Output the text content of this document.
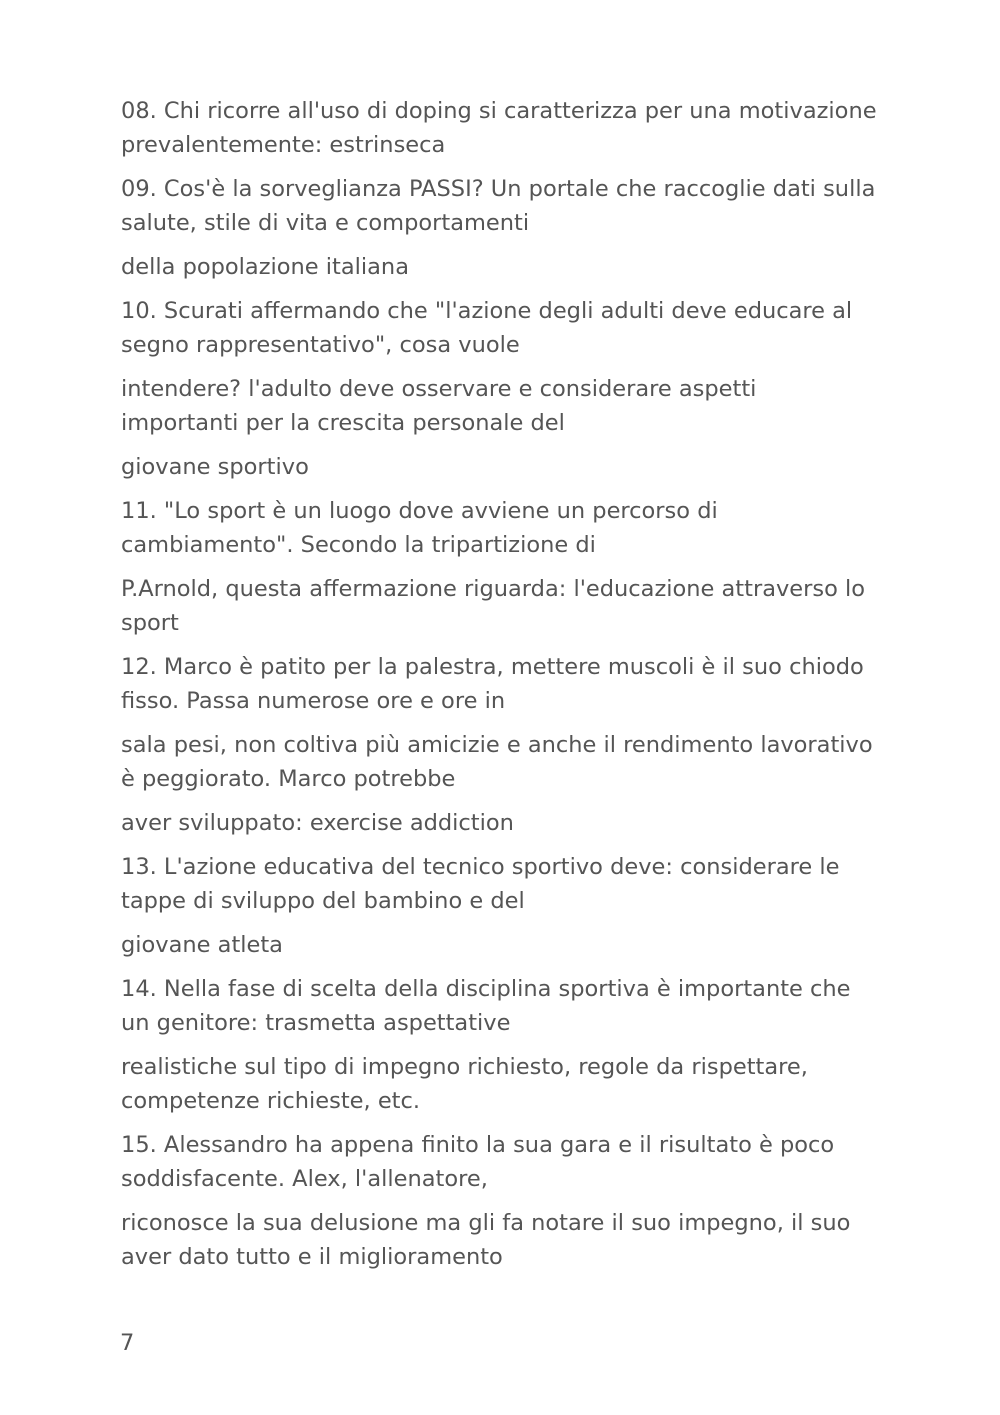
08. Chi ricorre all'uso di doping si caratterizza per una motivazione
prevalentemente: estrinseca

09. Cos'è la sorveglianza PASSI? Un portale che raccoglie dati sulla
salute, stile di vita e comportamenti

della popolazione italiana

10. Scurati affermando che "l'azione degli adulti deve educare al
segno rappresentativo", cosa vuole

intendere? l'adulto deve osservare e considerare aspetti
importanti per la crescita personale del

giovane sportivo

11. "Lo sport è un luogo dove avviene un percorso di
cambiamento". Secondo la tripartizione di

P.Arnold, questa affermazione riguarda: l'educazione attraverso lo
sport

12. Marco è patito per la palestra, mettere muscoli è il suo chiodo
fisso. Passa numerose ore e ore in

sala pesi, non coltiva più amicizie e anche il rendimento lavorativo
è peggiorato. Marco potrebbe

aver sviluppato: exercise addiction

13. L'azione educativa del tecnico sportivo deve: considerare le
tappe di sviluppo del bambino e del

giovane atleta

14. Nella fase di scelta della disciplina sportiva è importante che
un genitore: trasmetta aspettative

realistiche sul tipo di impegno richiesto, regole da rispettare,
competenze richieste, etc.

15. Alessandro ha appena finito la sua gara e il risultato è poco
soddisfacente. Alex, l'allenatore,

riconosce la sua delusione ma gli fa notare il suo impegno, il suo
aver dato tutto e il miglioramento

7
